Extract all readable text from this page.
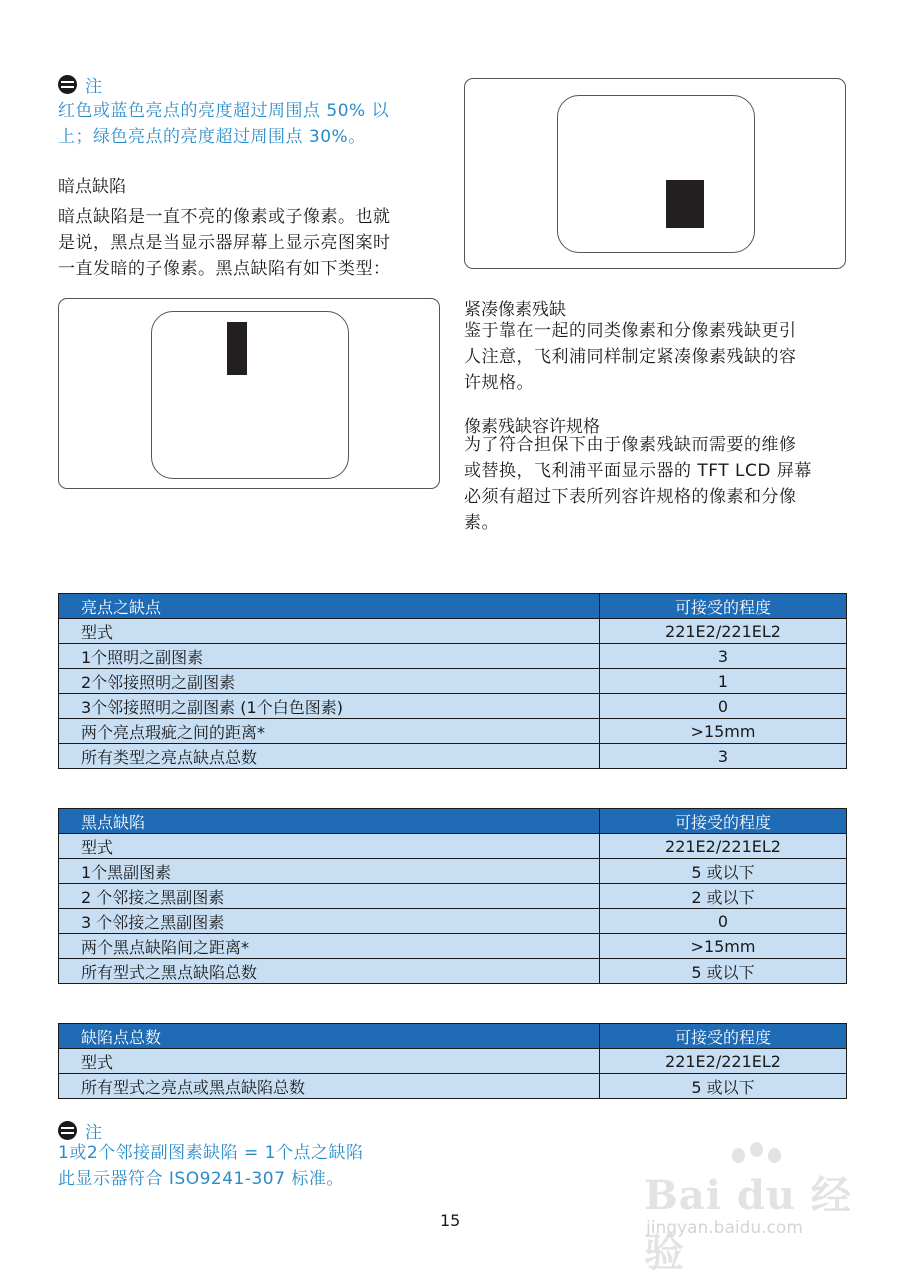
注
红色或蓝色亮点的亮度超过周围点 50% 以
上；绿色亮点的亮度超过周围点 30%。
暗点缺陷
暗点缺陷是一直不亮的像素或子像素。也就
是说，黑点是当显示器屏幕上显示亮图案时
一直发暗的子像素。黑点缺陷有如下类型：
紧凑像素残缺
鉴于靠在一起的同类像素和分像素残缺更引
人注意，飞利浦同样制定紧凑像素残缺的容
许规格。
像素残缺容许规格
为了符合担保下由于像素残缺而需要的维修
或替换，飞利浦平面显示器的 TFT LCD 屏幕
必须有超过下表所列容许规格的像素和分像
素。
亮点之缺点	可接受的程度
型式	221E2/221EL2
1个照明之副图素	3
2个邻接照明之副图素	1
3个邻接照明之副图素 (1个白色图素)	0
两个亮点瑕疵之间的距离*	>15mm
所有类型之亮点缺点总数	3
黑点缺陷	可接受的程度
型式	221E2/221EL2
1个黑副图素	5 或以下
2 个邻接之黑副图素	2 或以下
3 个邻接之黑副图素	0
两个黑点缺陷间之距离*	>15mm
所有型式之黑点缺陷总数	5 或以下
缺陷点总数	可接受的程度
型式	221E2/221EL2
所有型式之亮点或黑点缺陷总数	5 或以下
注
1或2个邻接副图素缺陷 = 1个点之缺陷
此显示器符合 ISO9241-307 标准。
15
Bai du 经验
jingyan.baidu.com
